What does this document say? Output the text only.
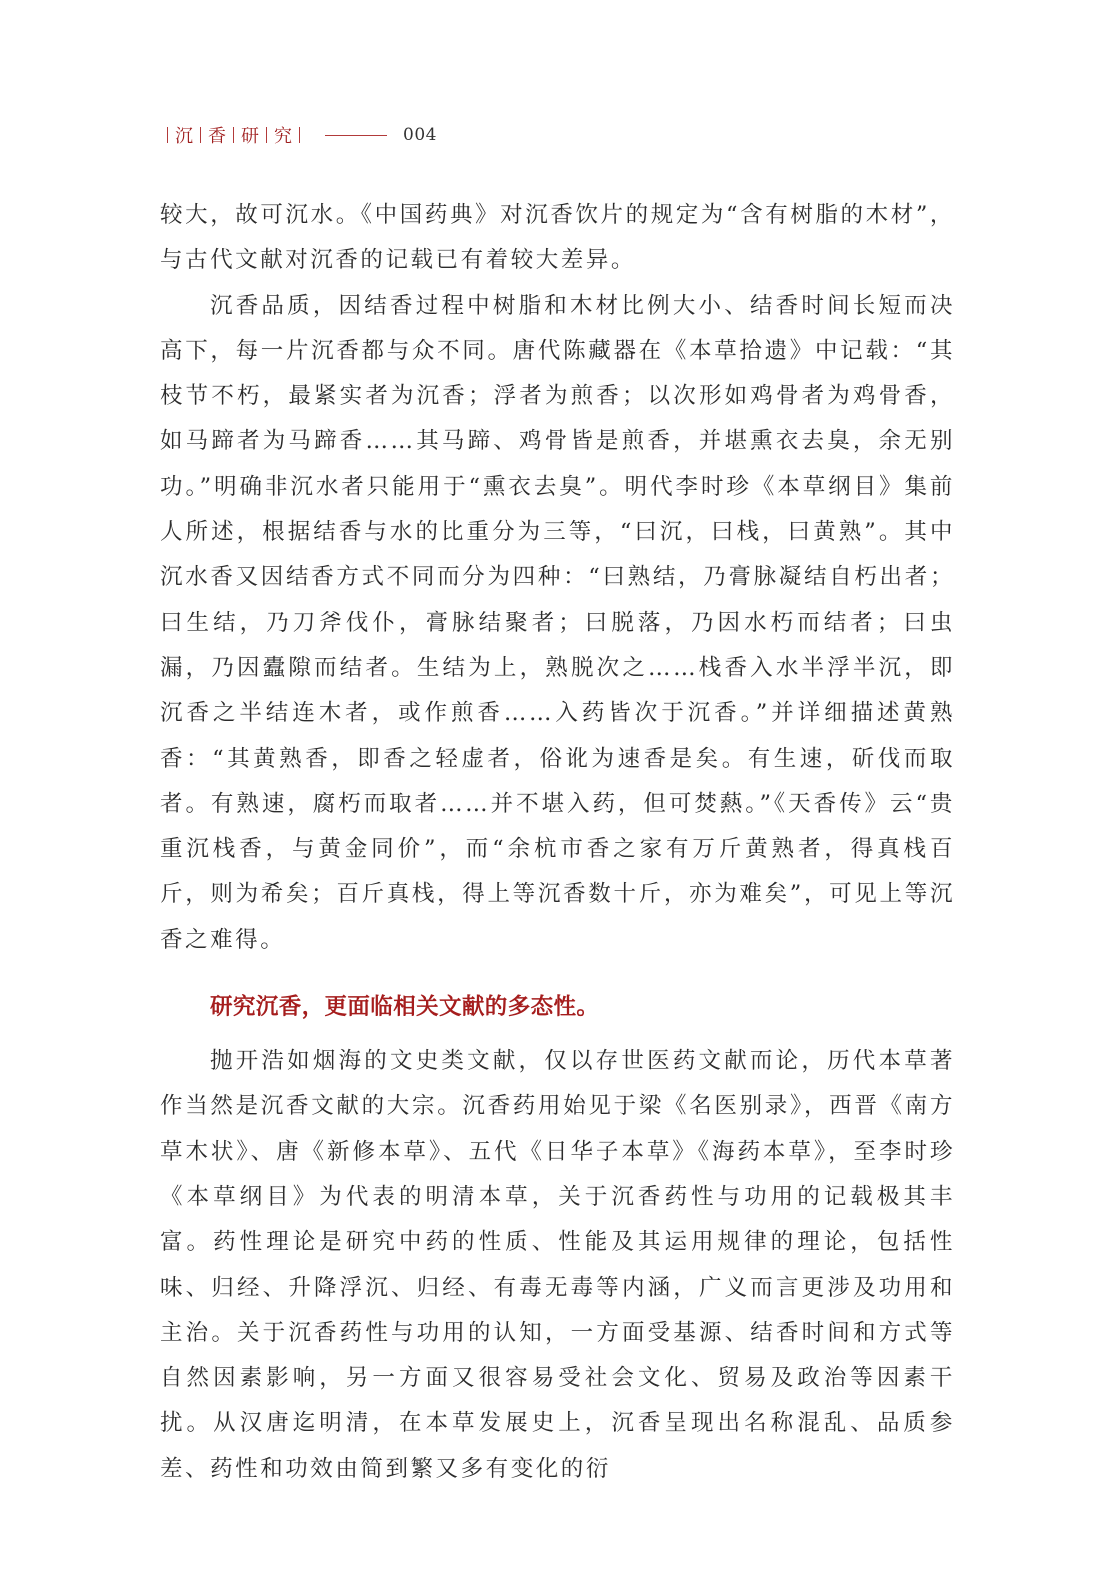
沉 香 研 究	004

较大，故可沉水。《中国药典》对沉香饮片的规定为“含有树脂的木材”，与古代文献对沉香的记载已有着较大差异。

沉香品质，因结香过程中树脂和木材比例大小、结香时间长短而决高下，每一片沉香都与众不同。唐代陈藏器在《本草拾遗》中记载：“其枝节不朽，最紧实者为沉香；浮者为煎香；以次形如鸡骨者为鸡骨香，如马蹄者为马蹄香……其马蹄、鸡骨皆是煎香，并堪熏衣去臭，余无别功。”明确非沉水者只能用于“熏衣去臭”。明代李时珍《本草纲目》集前人所述，根据结香与水的比重分为三等，“曰沉，曰栈，曰黄熟”。其中沉水香又因结香方式不同而分为四种：“曰熟结，乃膏脉凝结自朽出者；曰生结，乃刀斧伐仆，膏脉结聚者；曰脱落，乃因水朽而结者；曰虫漏，乃因蠹隙而结者。生结为上，熟脱次之……栈香入水半浮半沉，即沉香之半结连木者，或作煎香……入药皆次于沉香。”并详细描述黄熟香：“其黄熟香，即香之轻虚者，俗讹为速香是矣。有生速，斫伐而取者。有熟速，腐朽而取者……并不堪入药，但可焚爇。”《天香传》云“贵重沉栈香，与黄金同价”，而“余杭市香之家有万斤黄熟者，得真栈百斤，则为希矣；百斤真栈，得上等沉香数十斤，亦为难矣”，可见上等沉香之难得。

研究沉香，更面临相关文献的多态性。

抛开浩如烟海的文史类文献，仅以存世医药文献而论，历代本草著作当然是沉香文献的大宗。沉香药用始见于梁《名医别录》，西晋《南方草木状》、唐《新修本草》、五代《日华子本草》《海药本草》，至李时珍《本草纲目》为代表的明清本草，关于沉香药性与功用的记载极其丰富。药性理论是研究中药的性质、性能及其运用规律的理论，包括性味、归经、升降浮沉、归经、有毒无毒等内涵，广义而言更涉及功用和主治。关于沉香药性与功用的认知，一方面受基源、结香时间和方式等自然因素影响，另一方面又很容易受社会文化、贸易及政治等因素干扰。从汉唐迄明清，在本草发展史上，沉香呈现出名称混乱、品质参差、药性和功效由简到繁又多有变化的衍
